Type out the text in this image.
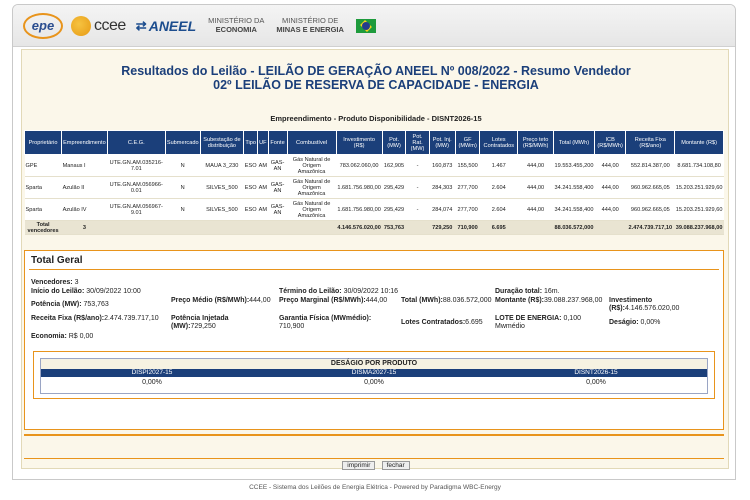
epe	ccee ⇄ ANEEL MINISTÉRIO DA
ECONOMIA
MINISTÉRIO DE
MINAS E ENERGIA
Resultados do Leilão - LEILÃO DE GERAÇÃO ANEEL Nº 008/2022 - Resumo Vendedor
02º LEILÃO DE RESERVA DE CAPACIDADE - ENERGIA
Empreendimento - Produto Disponibilidade - DISNT2026-15
Proprietário	Empreendimento	C.E.G.	Submercado	Subestação de distribuição	Tipo	UF	Fonte	Combustível	Investimento (R$)	Pot. (MW)	Pot. Rat. (MW)	Pot. Inj. (MW)	GF (MWm)	Lotes Contratados	Preço teto (R$/MWh)	Total (MWh)	ICB (R$/MWh)	Receita Fixa (R$/ano)	Montante (R$)
GPE	Manaus I	UTE.GN.AM.035216-7.01	N	MAUA 3_230	ESO	AM	GAS-AN	Gás Natural de Origem Amazônica	783.062.060,00	162,905	-	160,873	155,500	1.467	444,00	19.553.455,200	444,00	552.814.387,00	8.681.734.108,80
Sparta	Azulão II	UTE.GN.AM.056966-0.01	N	SILVES_500	ESO	AM	GAS-AN	Gás Natural de Origem Amazônica	1.681.756.980,00	295,429	-	284,303	277,700	2.604	444,00	34.241.558,400	444,00	960.962.665,05	15.203.251.929,60
Sparta	Azulão IV	UTE.GN.AM.056967-9.01	N	SILVES_500	ESO	AM	GAS-AN	Gás Natural de Origem Amazônica	1.681.756.980,00	295,429	-	284,074	277,700	2.604	444,00	34.241.558,400	444,00	960.962.665,05	15.203.251.929,60
Total vencedores	3								4.146.576.020,00	753,763		729,250	710,900	6.695		88.036.572,000		2.474.739.717,10	39.088.237.968,00
Total Geral
Vencedores: 3
Início do Leilão: 30/09/2022 10:00	Término do Leilão: 30/09/2022 10:16	Duração total: 16m.
Potência (MW): 753,763
Preço Médio (R$/MWh):444,00 Preço Marginal (R$/MWh):444,00 Total (MWh):88.036.572,000 Montante (R$):39.088.237.968,00 Investimento (R$):4.146.576.020,00
Receita Fixa (R$/ano):2.474.739.717,10	Potência Injetada (MW):729,250
Garantia Física (MWmédio): 710,900
Lotes Contratados:6.695
LOTE DE ENERGIA: 0,100 Mwmédio
Deságio: 0,00%
Economia: R$ 0,00
DESÁGIO POR PRODUTO
DISPI2027-15	DISMA2027-15	DISNT2026-15
0,00%	0,00%	0,00%
imprimir fechar
CCEE - Sistema dos Leilões de Energia Elétrica - Powered by Paradigma WBC-Energy
